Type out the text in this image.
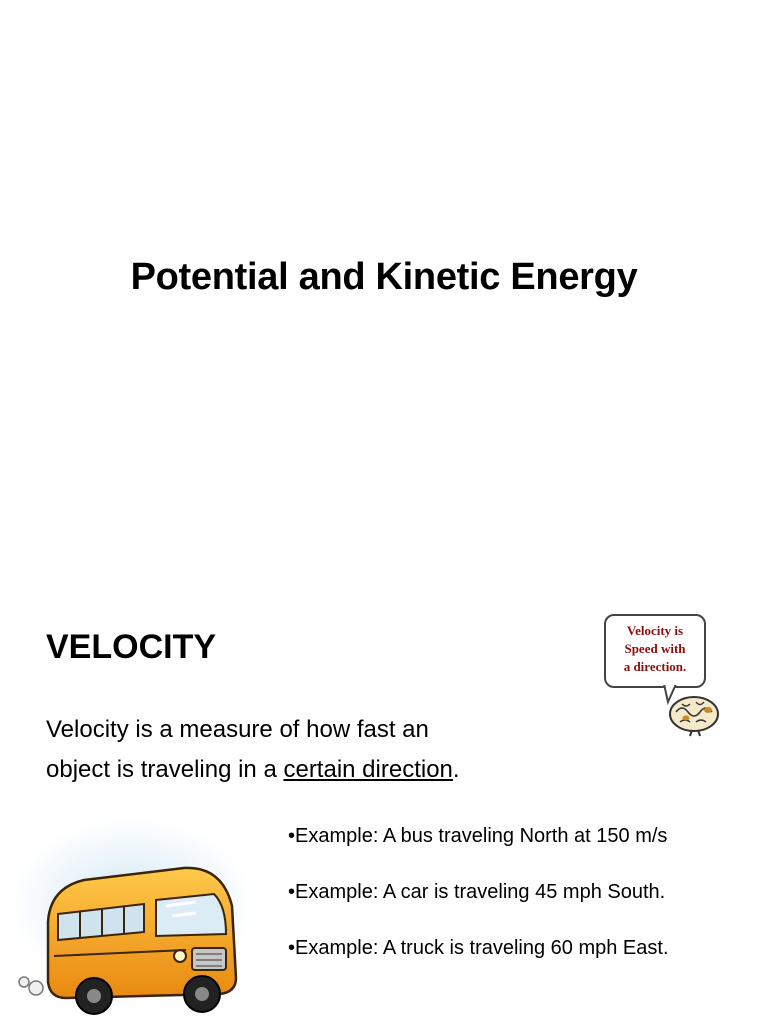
Potential and Kinetic Energy
VELOCITY
Velocity is a measure of how fast an
object is traveling in a certain direction.
Velocity is
Speed with
a direction.
•Example: A bus traveling North at 150 m/s
•Example: A car is traveling 45 mph South.
•Example: A truck is traveling 60 mph East.
